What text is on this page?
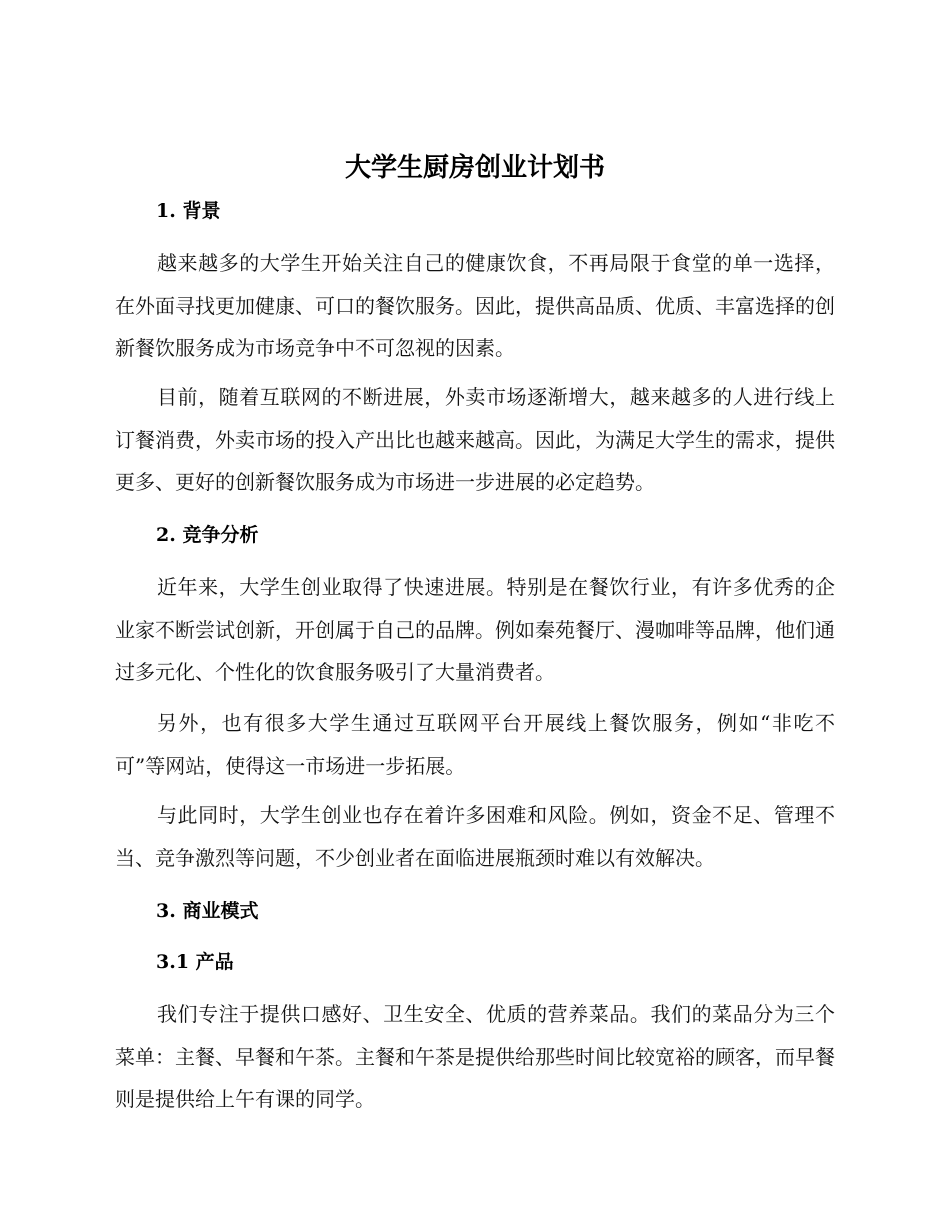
大学生厨房创业计划书
1. 背景

越来越多的大学生开始关注自己的健康饮食，不再局限于食堂的单一选择，在外面寻找更加健康、可口的餐饮服务。因此，提供高品质、优质、丰富选择的创新餐饮服务成为市场竞争中不可忽视的因素。

目前，随着互联网的不断进展，外卖市场逐渐增大，越来越多的人进行线上订餐消费，外卖市场的投入产出比也越来越高。因此，为满足大学生的需求，提供更多、更好的创新餐饮服务成为市场进一步进展的必定趋势。

2. 竞争分析

近年来，大学生创业取得了快速进展。特别是在餐饮行业，有许多优秀的企业家不断尝试创新，开创属于自己的品牌。例如秦苑餐厅、漫咖啡等品牌，他们通过多元化、个性化的饮食服务吸引了大量消费者。

另外，也有很多大学生通过互联网平台开展线上餐饮服务，例如“非吃不可”等网站，使得这一市场进一步拓展。

与此同时，大学生创业也存在着许多困难和风险。例如，资金不足、管理不当、竞争激烈等问题，不少创业者在面临进展瓶颈时难以有效解决。

3. 商业模式
3.1 产品

我们专注于提供口感好、卫生安全、优质的营养菜品。我们的菜品分为三个菜单：主餐、早餐和午茶。主餐和午茶是提供给那些时间比较宽裕的顾客，而早餐则是提供给上午有课的同学。
